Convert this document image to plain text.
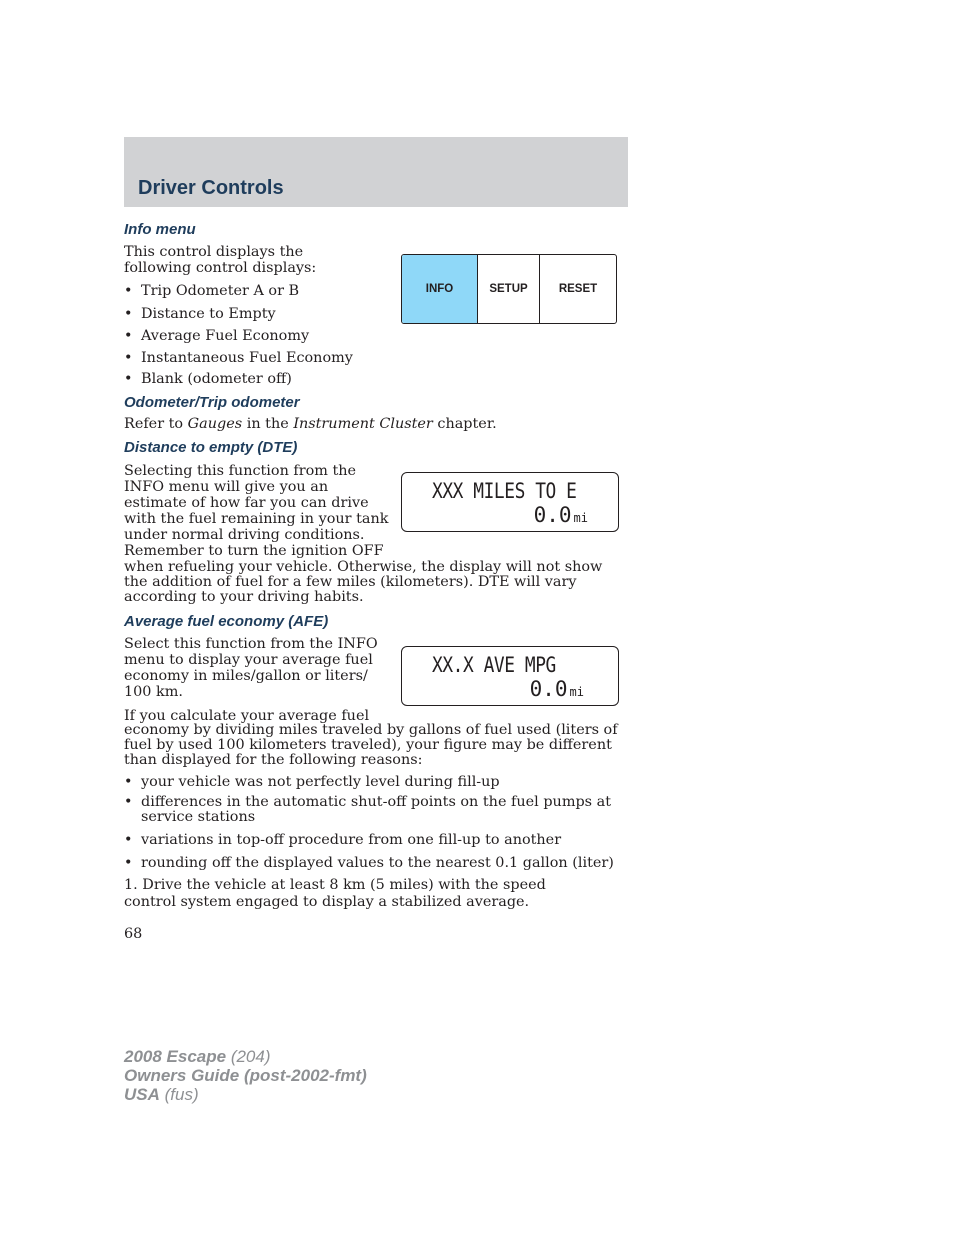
Driver Controls
Info menu

This control displays the following control displays:

• Trip Odometer A or B
• Distance to Empty
• Average Fuel Economy
• Instantaneous Fuel Economy
• Blank (odometer off)
INFO	SETUP	RESET
Odometer/Trip odometer

Refer to Gauges in the Instrument Cluster chapter.

Distance to empty (DTE)
Selecting this function from the
INFO menu will give you an
estimate of how far you can drive
with the fuel remaining in your tank
under normal driving conditions.
Remember to turn the ignition OFF

when refueling your vehicle. Otherwise, the display will not show the addition of fuel for a few miles (kilometers). DTE will vary according to your driving habits.

XXX MILES TO E
0.0 mi
Average fuel economy (AFE)
Select this function from the INFO
menu to display your average fuel
economy in miles/gallon or liters/
100 km.

If you calculate your average fuel

economy by dividing miles traveled by gallons of fuel used (liters of fuel by used 100 kilometers traveled), your figure may be different than displayed for the following reasons:

XX.X AVE MPG
0.0 mi
• your vehicle was not perfectly level during fill-up
• differences in the automatic shut-off points on the fuel pumps at service stations
• variations in top-off procedure from one fill-up to another
• rounding off the displayed values to the nearest 0.1 gallon (liter)

1. Drive the vehicle at least 8 km (5 miles) with the speed control system engaged to display a stabilized average.

68

2008 Escape (204)
Owners Guide (post-2002-fmt)
USA (fus)
